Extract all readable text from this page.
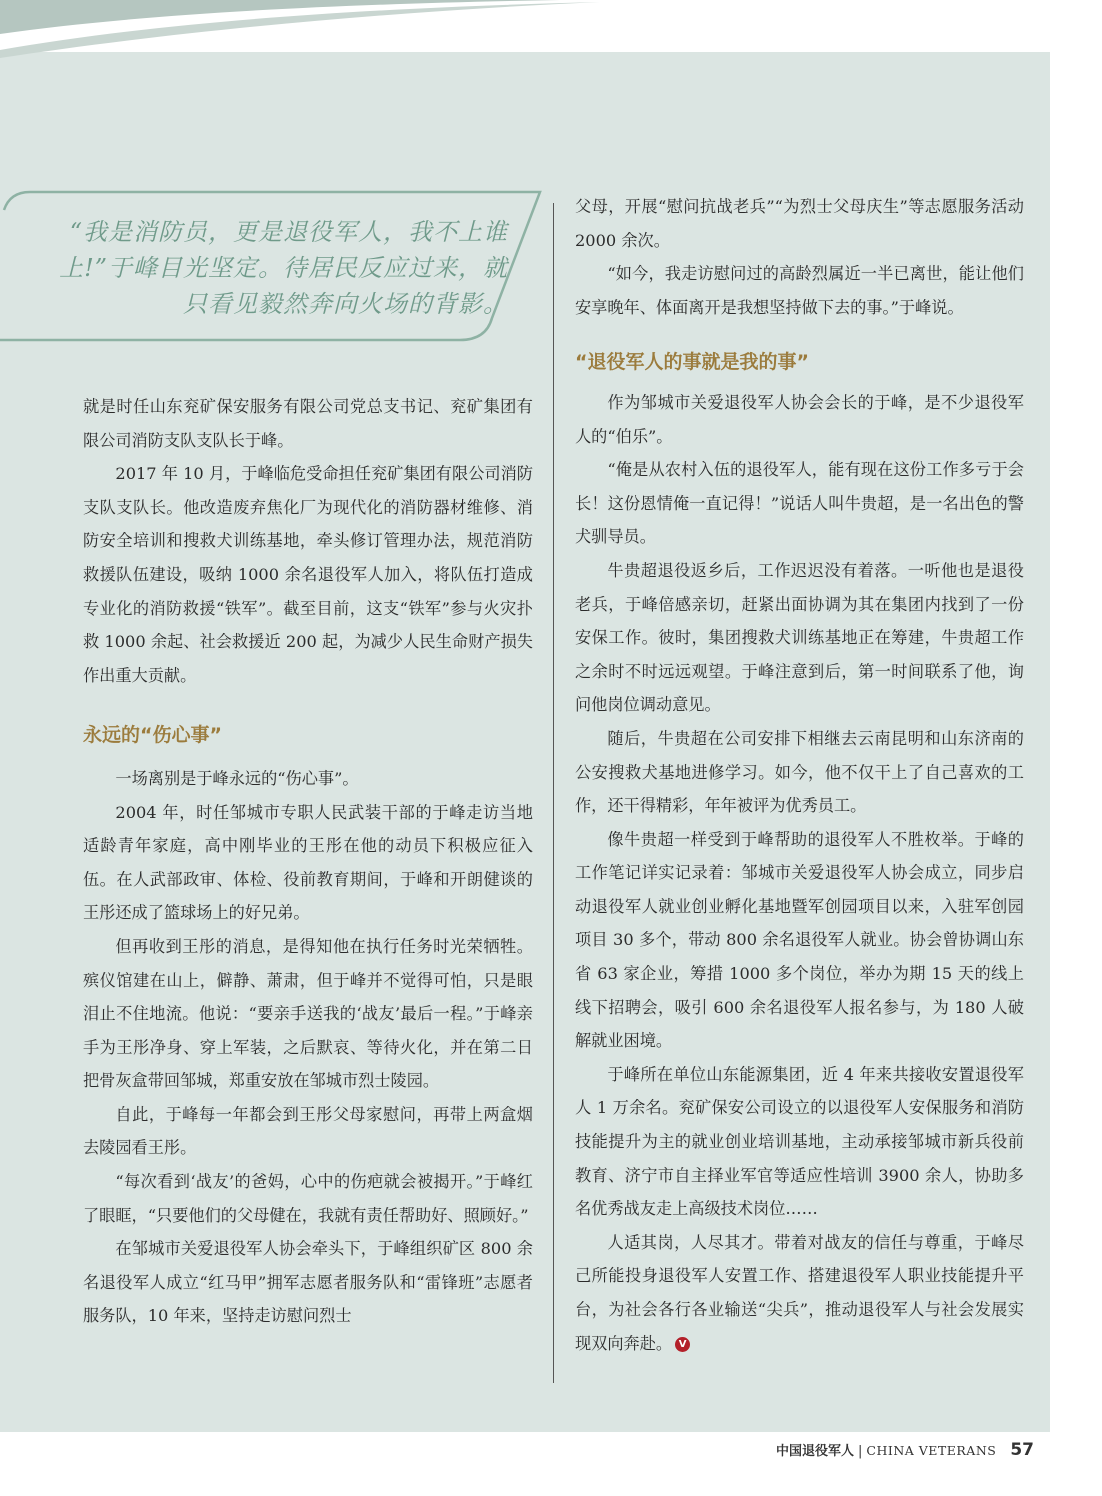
“我是消防员，更是退役军人，我不上谁上!”于峰目光坚定。待居民反应过来，就只看见毅然奔向火场的背影。

就是时任山东兖矿保安服务有限公司党总支书记、兖矿集团有限公司消防支队支队长于峰。

2017 年 10 月，于峰临危受命担任兖矿集团有限公司消防支队支队长。他改造废弃焦化厂为现代化的消防器材维修、消防安全培训和搜救犬训练基地，牵头修订管理办法，规范消防救援队伍建设，吸纳 1000 余名退役军人加入，将队伍打造成专业化的消防救援“铁军”。截至目前，这支“铁军”参与火灾扑救 1000 余起、社会救援近 200 起，为减少人民生命财产损失作出重大贡献。

永远的“伤心事”

一场离别是于峰永远的“伤心事”。

2004 年，时任邹城市专职人民武装干部的于峰走访当地适龄青年家庭，高中刚毕业的王彤在他的动员下积极应征入伍。在人武部政审、体检、役前教育期间，于峰和开朗健谈的王彤还成了篮球场上的好兄弟。

但再收到王彤的消息，是得知他在执行任务时光荣牺牲。殡仪馆建在山上，僻静、萧肃，但于峰并不觉得可怕，只是眼泪止不住地流。他说：“要亲手送我的‘战友’最后一程。”于峰亲手为王彤净身、穿上军装，之后默哀、等待火化，并在第二日把骨灰盒带回邹城，郑重安放在邹城市烈士陵园。

自此，于峰每一年都会到王彤父母家慰问，再带上两盒烟去陵园看王彤。

“每次看到‘战友’的爸妈，心中的伤疤就会被揭开。”于峰红了眼眶，“只要他们的父母健在，我就有责任帮助好、照顾好。”

在邹城市关爱退役军人协会牵头下，于峰组织矿区 800 余名退役军人成立“红马甲”拥军志愿者服务队和“雷锋班”志愿者服务队，10 年来，坚持走访慰问烈士

父母，开展“慰问抗战老兵”“为烈士父母庆生”等志愿服务活动 2000 余次。

“如今，我走访慰问过的高龄烈属近一半已离世，能让他们安享晚年、体面离开是我想坚持做下去的事。”于峰说。

“退役军人的事就是我的事”

作为邹城市关爱退役军人协会会长的于峰，是不少退役军人的“伯乐”。

“俺是从农村入伍的退役军人，能有现在这份工作多亏于会长！这份恩情俺一直记得！”说话人叫牛贵超，是一名出色的警犬驯导员。

牛贵超退役返乡后，工作迟迟没有着落。一听他也是退役老兵，于峰倍感亲切，赶紧出面协调为其在集团内找到了一份安保工作。彼时，集团搜救犬训练基地正在筹建，牛贵超工作之余时不时远远观望。于峰注意到后，第一时间联系了他，询问他岗位调动意见。

随后，牛贵超在公司安排下相继去云南昆明和山东济南的公安搜救犬基地进修学习。如今，他不仅干上了自己喜欢的工作，还干得精彩，年年被评为优秀员工。

像牛贵超一样受到于峰帮助的退役军人不胜枚举。于峰的工作笔记详实记录着：邹城市关爱退役军人协会成立，同步启动退役军人就业创业孵化基地暨军创园项目以来，入驻军创园项目 30 多个，带动 800 余名退役军人就业。协会曾协调山东省 63 家企业，筹措 1000 多个岗位，举办为期 15 天的线上线下招聘会，吸引 600 余名退役军人报名参与，为 180 人破解就业困境。

于峰所在单位山东能源集团，近 4 年来共接收安置退役军人 1 万余名。兖矿保安公司设立的以退役军人安保服务和消防技能提升为主的就业创业培训基地，主动承接邹城市新兵役前教育、济宁市自主择业军官等适应性培训 3900 余人，协助多名优秀战友走上高级技术岗位……

人适其岗，人尽其才。带着对战友的信任与尊重，于峰尽己所能投身退役军人安置工作、搭建退役军人职业技能提升平台，为社会各行各业输送“尖兵”，推动退役军人与社会发展实现双向奔赴。 V

中国退役军人 | CHINA VETERANS 57
